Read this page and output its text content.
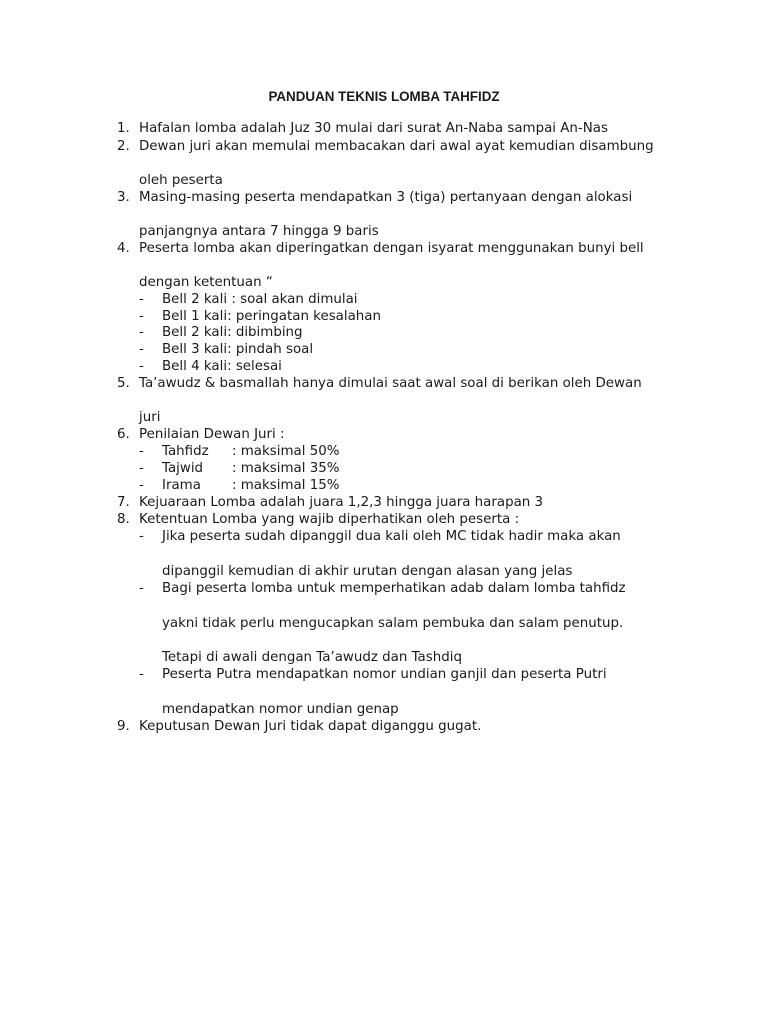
PANDUAN TEKNIS LOMBA TAHFIDZ
1. Hafalan lomba adalah Juz 30 mulai dari surat An-Naba sampai An-Nas
2. Dewan juri akan memulai membacakan dari awal ayat kemudian disambung
oleh peserta
3. Masing-masing peserta mendapatkan 3 (tiga) pertanyaan dengan alokasi
panjangnya antara 7 hingga 9 baris
4. Peserta lomba akan diperingatkan dengan isyarat menggunakan bunyi bell
dengan ketentuan “
- Bell 2 kali : soal akan dimulai
- Bell 1 kali: peringatan kesalahan
- Bell 2 kali: dibimbing
- Bell 3 kali: pindah soal
- Bell 4 kali: selesai
5. Ta’awudz & basmallah hanya dimulai saat awal soal di berikan oleh Dewan
juri
6. Penilaian Dewan Juri :
- Tahfidz : maksimal 50%
- Tajwid : maksimal 35%
- Irama : maksimal 15%
7. Kejuaraan Lomba adalah juara 1,2,3 hingga juara harapan 3
8. Ketentuan Lomba yang wajib diperhatikan oleh peserta :
- Jika peserta sudah dipanggil dua kali oleh MC tidak hadir maka akan
dipanggil kemudian di akhir urutan dengan alasan yang jelas
- Bagi peserta lomba untuk memperhatikan adab dalam lomba tahfidz
yakni tidak perlu mengucapkan salam pembuka dan salam penutup.
Tetapi di awali dengan Ta’awudz dan Tashdiq
- Peserta Putra mendapatkan nomor undian ganjil dan peserta Putri
mendapatkan nomor undian genap
9. Keputusan Dewan Juri tidak dapat diganggu gugat.
